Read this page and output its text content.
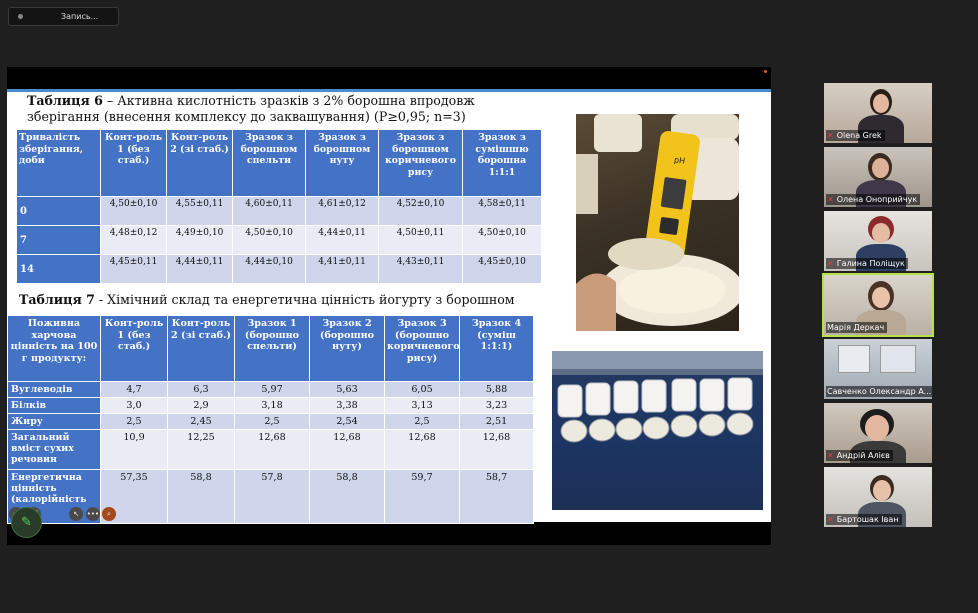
Запись...
Таблиця 6 – Активна кислотність зразків з 2% борошна впродовж
зберігання (внесення комплексу до заквашування) (P≥0,95; n=3)
Тривалість зберігання, доби	Конт-роль 1 (без стаб.)	Конт-роль 2 (зі стаб.)	Зразок з борошном спельти	Зразок з борошном нуту	Зразок з борошном коричневого рису	Зразок з сумішшю борошна 1:1:1
0	4,50±0,10	4,55±0,11	4,60±0,11	4,61±0,12	4,52±0,10	4,58±0,11
7	4,48±0,12	4,49±0,10	4,50±0,10	4,44±0,11	4,50±0,11	4,50±0,10
14	4,45±0,11	4,44±0,11	4,44±0,10	4,41±0,11	4,43±0,11	4,45±0,10
Таблиця 7 - Хімічний склад та енергетична цінність йогурту з борошном
Поживна харчова цінність на 100 г продукту:	Конт-роль 1 (без стаб.)	Конт-роль 2 (зі стаб.)	Зразок 1 (борошно спельти)	Зразок 2 (борошно нуту)	Зразок 3 (борошно коричневого рису)	Зразок 4 (суміш 1:1:1)
Вуглеводів	4,7	6,3	5,97	5,63	6,05	5,88
Білків	3,0	2,9	3,18	3,38	3,13	3,23
Жиру	2,5	2,45	2,5	2,54	2,5	2,51
Загальний вміст сухих речовин	10,9	12,25	12,68	12,68	12,68	12,68
Енергетична цінність (калорійність	57,35	58,8	57,8	58,8	59,7	58,7
pH
↖	•••	⌕
✎
✕ Olena Grek
✕ Олена Оноприйчук
✕ Галина Поліщук
Марія Деркач
Савченко Олександр А...
✕ Андрій Алієв
✕ Бартошак Іван
